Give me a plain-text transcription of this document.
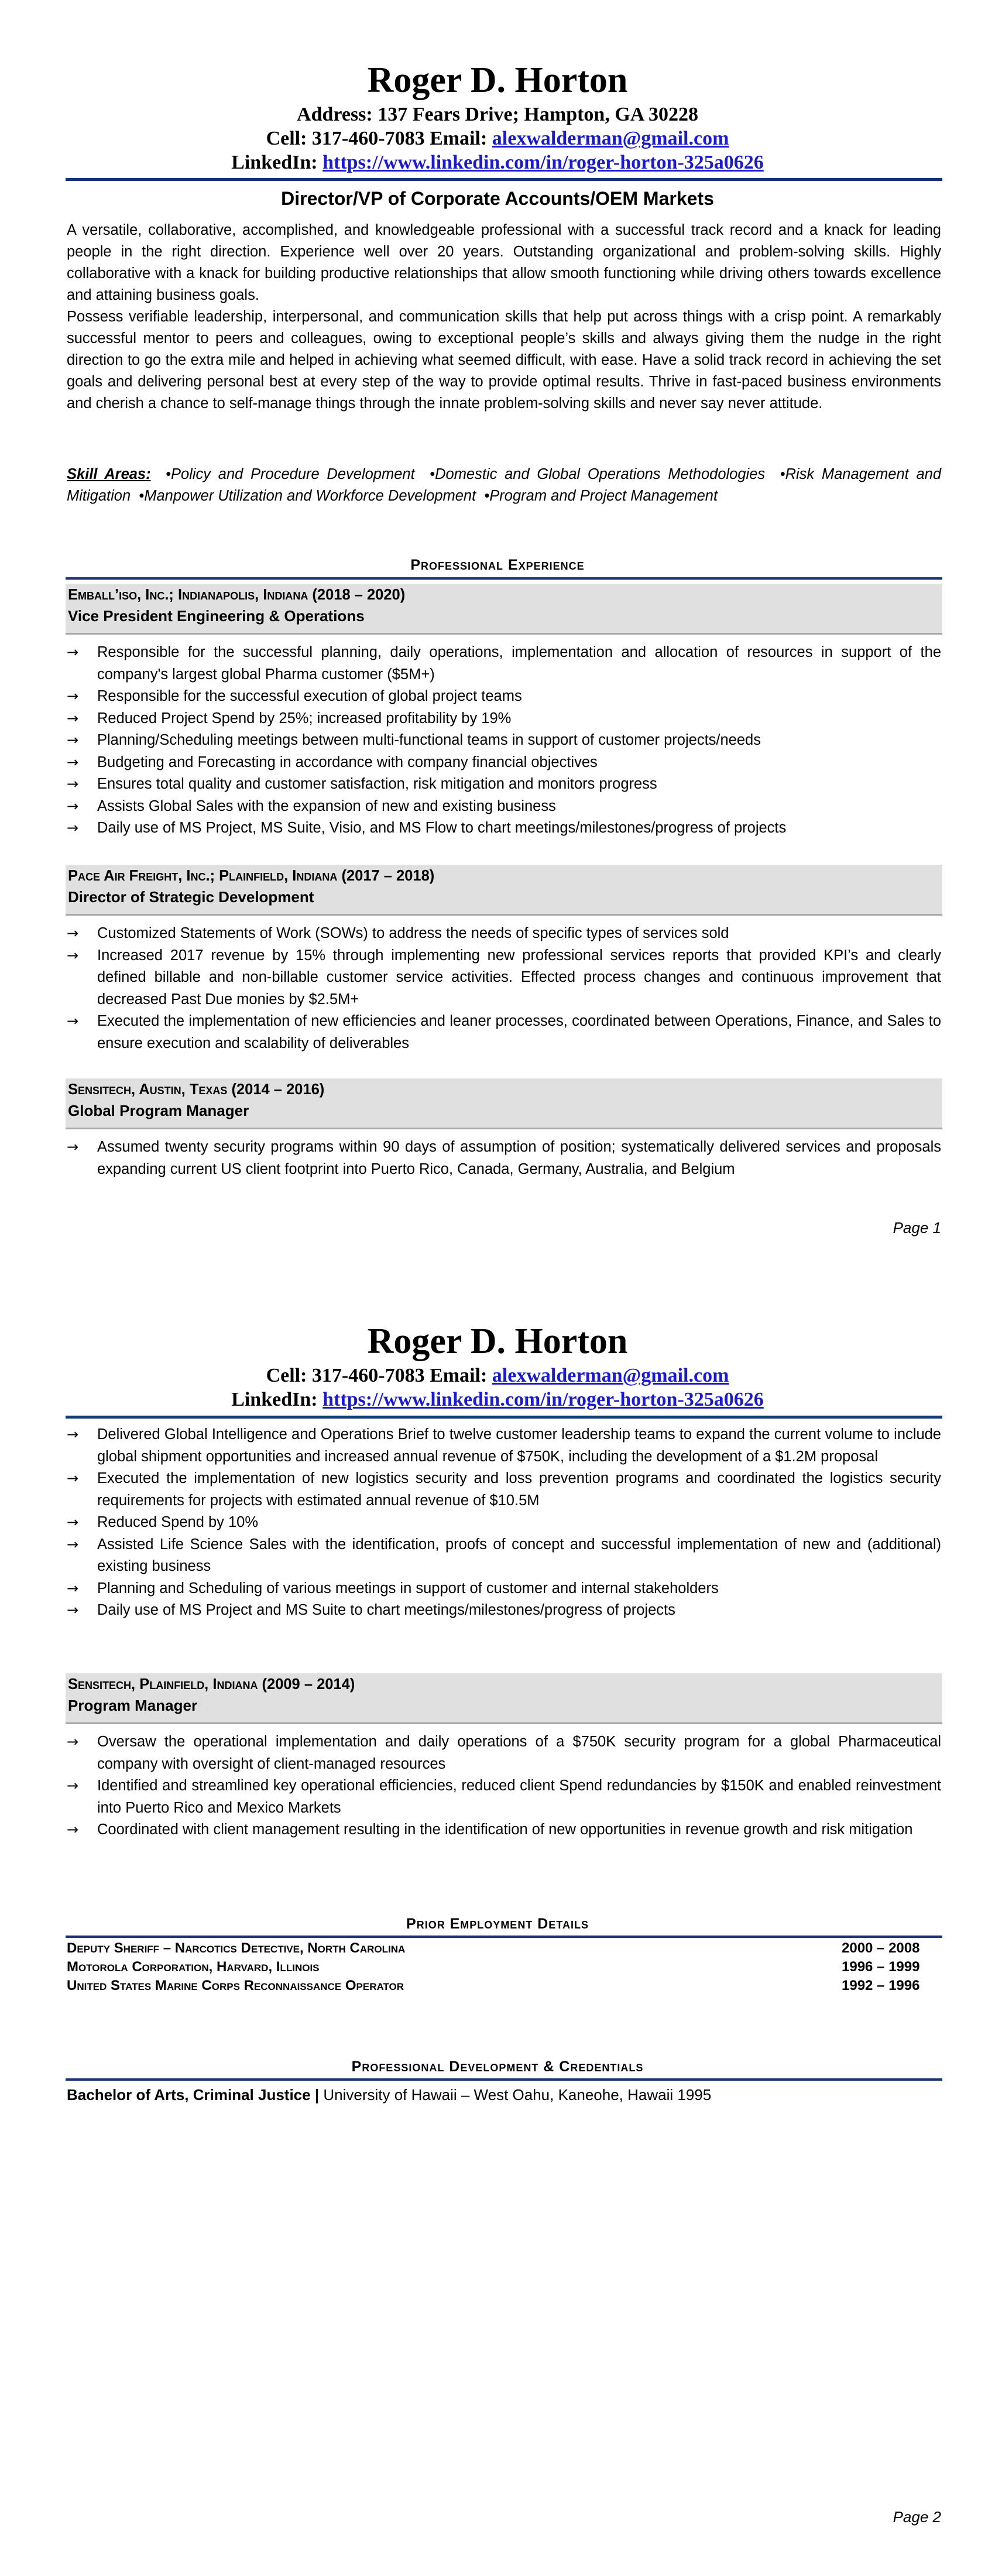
Roger D. Horton
Address: 137 Fears Drive; Hampton, GA 30228
Cell: 317-460-7083 Email: alexwalderman@gmail.com
LinkedIn: https://www.linkedin.com/in/roger-horton-325a0626
Director/VP of Corporate Accounts/OEM Markets

A versatile, collaborative, accomplished, and knowledgeable professional with a successful track record and a knack for leading people in the right direction. Experience well over 20 years. Outstanding organizational and problem-solving skills. Highly collaborative with a knack for building productive relationships that allow smooth functioning while driving others towards excellence and attaining business goals.

Possess verifiable leadership, interpersonal, and communication skills that help put across things with a crisp point. A remarkably successful mentor to peers and colleagues, owing to exceptional people’s skills and always giving them the nudge in the right direction to go the extra mile and helped in achieving what seemed difficult, with ease. Have a solid track record in achieving the set goals and delivering personal best at every step of the way to provide optimal results. Thrive in fast-paced business environments and cherish a chance to self-manage things through the innate problem-solving skills and never say never attitude.

Skill Areas:  •Policy and Procedure Development  •Domestic and Global Operations Methodologies  •Risk Management and Mitigation  •Manpower Utilization and Workforce Development  •Program and Project Management

Professional Experience
Emball’iso, Inc.; Indianapolis, Indiana (2018 – 2020)
Vice President Engineering & Operations
→ Responsible for the successful planning, daily operations, implementation and allocation of resources in support of the company's largest global Pharma customer ($5M+)
→ Responsible for the successful execution of global project teams
→ Reduced Project Spend by 25%; increased profitability by 19%
→ Planning/Scheduling meetings between multi-functional teams in support of customer projects/needs
→ Budgeting and Forecasting in accordance with company financial objectives
→ Ensures total quality and customer satisfaction, risk mitigation and monitors progress
→ Assists Global Sales with the expansion of new and existing business
→ Daily use of MS Project, MS Suite, Visio, and MS Flow to chart meetings/milestones/progress of projects
Pace Air Freight, Inc.; Plainfield, Indiana (2017 – 2018)
Director of Strategic Development
→ Customized Statements of Work (SOWs) to address the needs of specific types of services sold
→ Increased 2017 revenue by 15% through implementing new professional services reports that provided KPI’s and clearly defined billable and non-billable customer service activities. Effected process changes and continuous improvement that decreased Past Due monies by $2.5M+
→ Executed the implementation of new efficiencies and leaner processes, coordinated between Operations, Finance, and Sales to ensure execution and scalability of deliverables
Sensitech, Austin, Texas (2014 – 2016)
Global Program Manager
→ Assumed twenty security programs within 90 days of assumption of position; systematically delivered services and proposals expanding current US client footprint into Puerto Rico, Canada, Germany, Australia, and Belgium
Page 1
Roger D. Horton
Cell: 317-460-7083 Email: alexwalderman@gmail.com
LinkedIn: https://www.linkedin.com/in/roger-horton-325a0626
→ Delivered Global Intelligence and Operations Brief to twelve customer leadership teams to expand the current volume to include global shipment opportunities and increased annual revenue of $750K, including the development of a $1.2M proposal
→ Executed the implementation of new logistics security and loss prevention programs and coordinated the logistics security requirements for projects with estimated annual revenue of $10.5M
→ Reduced Spend by 10%
→ Assisted Life Science Sales with the identification, proofs of concept and successful implementation of new and (additional) existing business
→ Planning and Scheduling of various meetings in support of customer and internal stakeholders
→ Daily use of MS Project and MS Suite to chart meetings/milestones/progress of projects
Sensitech, Plainfield, Indiana (2009 – 2014)
Program Manager
→ Oversaw the operational implementation and daily operations of a $750K security program for a global Pharmaceutical company with oversight of client-managed resources
→ Identified and streamlined key operational efficiencies, reduced client Spend redundancies by $150K and enabled reinvestment into Puerto Rico and Mexico Markets
→ Coordinated with client management resulting in the identification of new opportunities in revenue growth and risk mitigation
Prior Employment Details
Deputy Sheriff – Narcotics Detective, North Carolina	2000 – 2008
Motorola Corporation, Harvard, Illinois	1996 – 1999
United States Marine Corps Reconnaissance Operator	1992 – 1996
Professional Development & Credentials
Bachelor of Arts, Criminal Justice | University of Hawaii – West Oahu, Kaneohe, Hawaii 1995
Page 2
